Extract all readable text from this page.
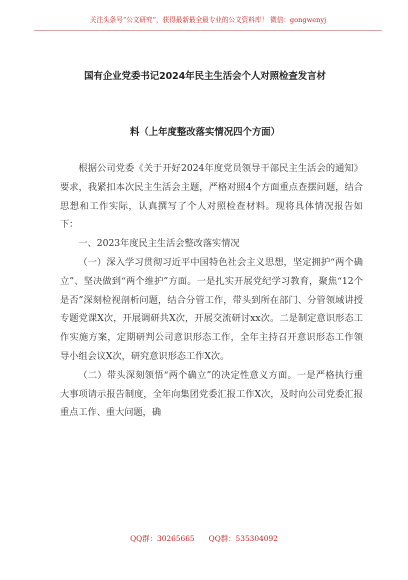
关注头条号“公文研究”，获得最新最全最专业的公文资料库！ 微信：gongwenyj
国有企业党委书记2024年民主生活会个人对照检查发言材
料（上年度整改落实情况四个方面）

根据公司党委《关于开好2024年度党员领导干部民主生活会的通知》要求，我紧扣本次民主生活会主题，严格对照4个方面重点查摆问题，结合思想和工作实际，认真撰写了个人对照检查材料。现将具体情况报告如下：

一、2023年度民主生活会整改落实情况

（一）深入学习贯彻习近平中国特色社会主义思想，坚定拥护“两个确立”、坚决做到“两个维护”方面。一是扎实开展党纪学习教育，聚焦“12个是否”深刻检视剖析问题，结合分管工作，带头到所在部门、分管领域讲授专题党课X次，开展调研共X次，开展交流研讨xx次。二是制定意识形态工作实施方案，定期研判公司意识形态工作，全年主持召开意识形态工作领导小组会议X次，研究意识形态工作X次。

（二）带头深刻领悟“两个确立”的决定性意义方面。一是严格执行重大事项请示报告制度，全年向集团党委汇报工作X次，及时向公司党委汇报重点工作、重大问题，确

QQ群：30265665 QQ群：535304092
